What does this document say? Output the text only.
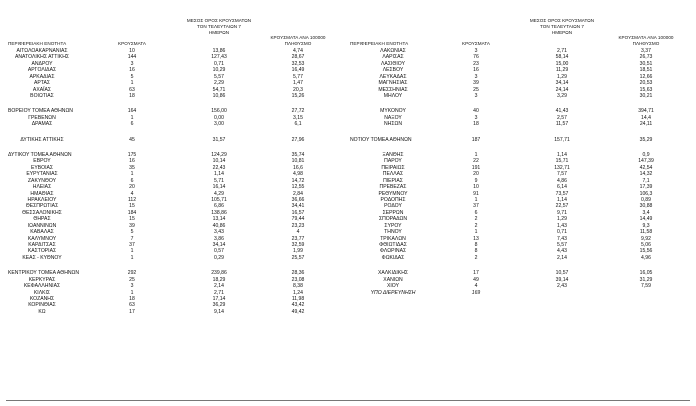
ΠΕΡΙΦΕΡΕΙΑΚΗ ΕΝΟΤΗΤΑ	ΚΡΟΥΣΜΑΤΑ
ΜΕΣΟΣ ΟΡΟΣ ΚΡΟΥΣΜΑΤΩΝ
ΤΟΝ ΤΕΛΕΥΤΑΙΩΝ 7
ΗΜΕΡΩΝ
ΚΡΟΥΣΜΑΤΑ ΑΝΑ 100000
ΠΛΗΘΥΣΜΟ
ΑΙΤΩΛΟΑΚΑΡΝΑΝΙΑΣ	10	13,86	4,74
ΑΝΑΤΟΛΙΚΗΣ ΑΤΤΙΚΗΣ	144	127,43	28,67
ΑΝΔΡΟΥ	3	0,71	32,53
ΑΡΓΟΛΙΔΑΣ	16	10,29	16,49
ΑΡΚΑΔΙΑΣ	5	5,57	5,77
ΑΡΤΑΣ	1	2,29	1,47
ΑΧΑΪΑΣ	63	54,71	20,3
ΒΟΙΩΤΙΑΣ	18	10,86	15,26
ΒΟΡΕΙΟΥ ΤΟΜΕΑ ΑΘΗΝΩΝ	164	156,00	27,72
ΓΡΕΒΕΝΩΝ	1	0,00	3,15
ΔΡΑΜΑΣ	6	3,00	6,1
ΔΥΤΙΚΗΣ ΑΤΤΙΚΗΣ	45	31,57	27,96
ΔΥΤΙΚΟΥ ΤΟΜΕΑ ΑΘΗΝΩΝ	175	124,29	35,74
ΕΒΡΟΥ	16	10,14	10,81
ΕΥΒΟΙΑΣ	35	22,43	16,6
ΕΥΡΥΤΑΝΙΑΣ	1	1,14	4,98
ΖΑΚΥΝΘΟΥ	6	5,71	14,72
ΗΛΕΙΑΣ	20	16,14	12,55
ΗΜΑΘΙΑΣ	4	4,29	2,84
ΗΡΑΚΛΕΙΟΥ	112	105,71	36,66
ΘΕΣΠΡΩΤΙΑΣ	15	6,86	34,41
ΘΕΣΣΑΛΟΝΙΚΗΣ	184	138,86	16,57
ΘΗΡΑΣ	15	13,14	79,44
ΙΩΑΝΝΙΝΩΝ	39	40,86	23,23
ΚΑΒΑΛΑΣ	5	3,43	4
ΚΑΛΥΜΝΟΥ	7	3,86	23,77
ΚΑΡΔΙΤΣΑΣ	37	34,14	32,59
ΚΑΣΤΟΡΙΑΣ	1	0,57	1,99
ΚΕΑΣ - ΚΥΘΝΟΥ	1	0,29	25,57
ΚΕΝΤΡΙΚΟΥ ΤΟΜΕΑ ΑΘΗΝΩΝ	292	239,86	28,36
ΚΕΡΚΥΡΑΣ	25	18,29	23,08
ΚΕΦΑΛΛΗΝΙΑΣ	3	2,14	8,38
ΚΙΛΚΙΣ	1	2,71	1,24
ΚΟΖΑΝΗΣ	18	17,14	11,98
ΚΟΡΙΝΘΙΑΣ	63	36,29	43,42
ΚΩ	17	9,14	49,42
ΠΕΡΙΦΕΡΕΙΑΚΗ ΕΝΟΤΗΤΑ	ΚΡΟΥΣΜΑΤΑ
ΜΕΣΟΣ ΟΡΟΣ ΚΡΟΥΣΜΑΤΩΝ
ΤΟΝ ΤΕΛΕΥΤΑΙΩΝ 7
ΗΜΕΡΩΝ
ΚΡΟΥΣΜΑΤΑ ΑΝΑ 100000
ΠΛΗΘΥΣΜΟ
ΛΑΚΩΝΙΑΣ	3	2,71	3,37
ΛΑΡΙΣΑΣ	76	58,14	26,73
ΛΑΣΙΘΙΟΥ	23	15,00	30,51
ΛΕΣΒΟΥ	16	11,29	18,51
ΛΕΥΚΑΔΑΣ	3	1,29	12,66
ΜΑΓΝΗΣΙΑΣ	39	34,14	20,53
ΜΕΣΣΗΝΙΑΣ	25	24,14	15,63
ΜΗΛΟΥ	3	3,29	30,21
ΜΥΚΟΝΟΥ	40	41,43	394,71
ΝΑΞΟΥ	3	2,57	14,4
ΝΗΣΩΝ	18	11,57	24,11
ΝΟΤΙΟΥ ΤΟΜΕΑ ΑΘΗΝΩΝ	187	157,71	35,29
ΞΑΝΘΗΣ	1	1,14	0,9
ΠΑΡΟΥ	22	15,71	147,39
ΠΕΙΡΑΙΩΣ	191	132,71	42,54
ΠΕΛΛΑΣ	20	7,57	14,32
ΠΙΕΡΙΑΣ	9	4,86	7,1
ΠΡΕΒΕΖΑΣ	10	6,14	17,39
ΡΕΘΥΜΝΟΥ	91	73,57	106,3
ΡΟΔΟΠΗΣ	1	1,14	0,89
ΡΟΔΟΥ	37	22,57	30,88
ΣΕΡΡΩΝ	6	9,71	3,4
ΣΠΟΡΑΔΩΝ	2	1,29	14,49
ΣΥΡΟΥ	2	1,43	9,3
ΤΗΝΟΥ	1	0,71	11,58
ΤΡΙΚΑΛΩΝ	13	7,43	9,92
ΦΘΙΩΤΙΔΑΣ	8	5,57	5,06
ΦΛΩΡΙΝΑΣ	8	4,43	15,56
ΦΩΚΙΔΑΣ	2	2,14	4,96
ΧΑΛΚΙΔΙΚΗΣ	17	10,57	16,05
ΧΑΝΙΩΝ	49	39,14	31,29
ΧΙΟΥ	4	2,43	7,59
ΥΠΟ ΔΙΕΡΕΥΝΗΣΗ	169
